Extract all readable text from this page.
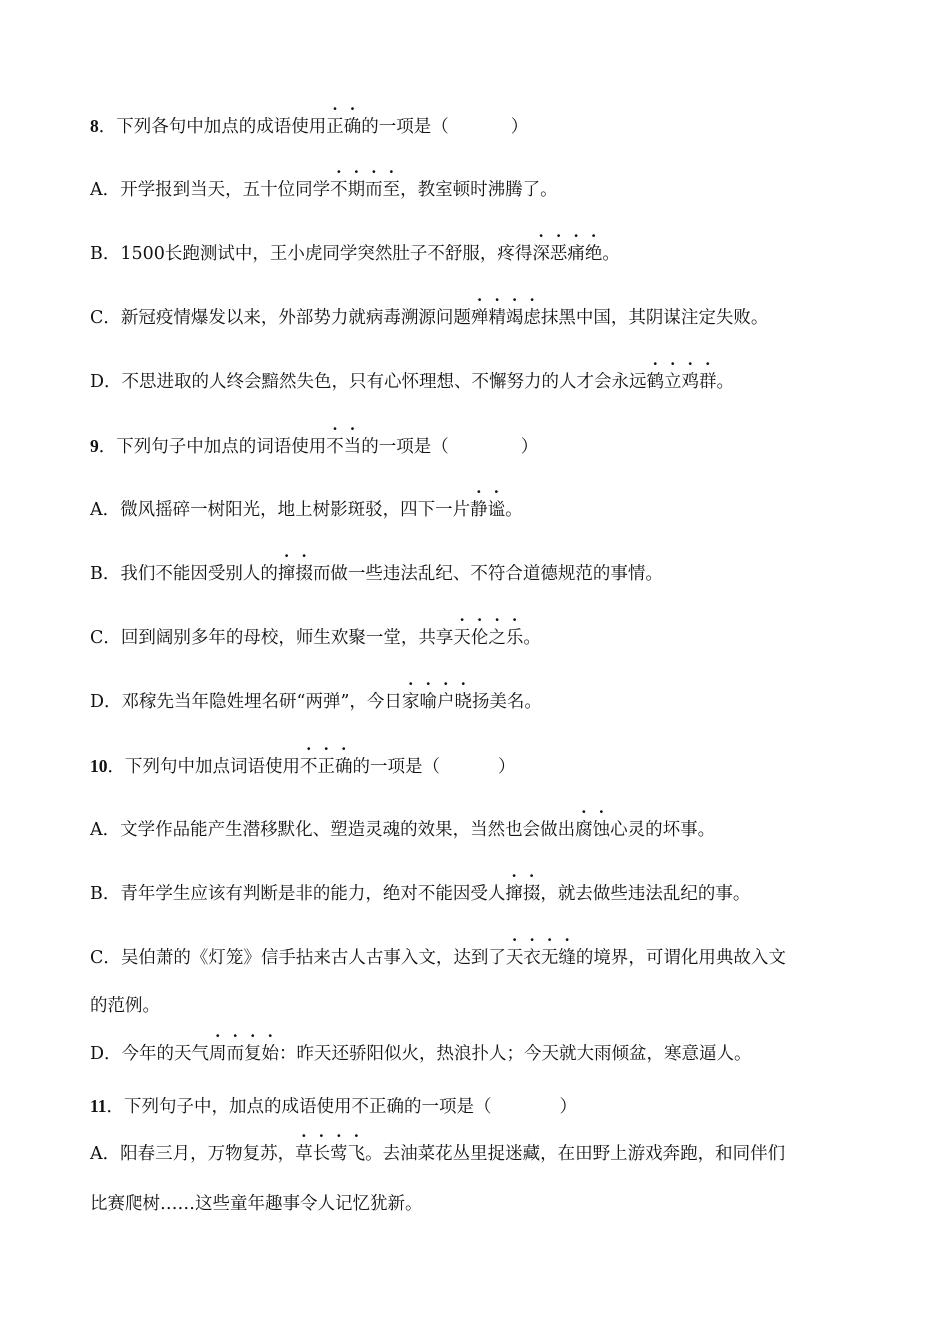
8．下列各句中加点的成语使用正确的一项是（	）
A．开学报到当天，五十位同学不期而至，教室顿时沸腾了。
B．1500长跑测试中，王小虎同学突然肚子不舒服，疼得深恶痛绝。
C．新冠疫情爆发以来，外部势力就病毒溯源问题殚精竭虑抹黑中国，其阴谋注定失败。
D．不思进取的人终会黯然失色，只有心怀理想、不懈努力的人才会永远鹤立鸡群。
9．下列句子中加点的词语使用不当的一项是（	）
A．微风摇碎一树阳光，地上树影斑驳，四下一片静谧。
B．我们不能因受别人的撺掇而做一些违法乱纪、不符合道德规范的事情。
C．回到阔别多年的母校，师生欢聚一堂，共享天伦之乐。
D．邓稼先当年隐姓埋名研“两弹”，今日家喻户晓扬美名。
10．下列句中加点词语使用不正确的一项是（	）
A．文学作品能产生潜移默化、塑造灵魂的效果，当然也会做出腐蚀心灵的坏事。
B．青年学生应该有判断是非的能力，绝对不能因受人撺掇，就去做些违法乱纪的事。
C．吴伯萧的《灯笼》信手拈来古人古事入文，达到了天衣无缝的境界，可谓化用典故入文
的范例。
D．今年的天气周而复始：昨天还骄阳似火，热浪扑人；今天就大雨倾盆，寒意逼人。
11．下列句子中，加点的成语使用不正确的一项是（	）
A．阳春三月，万物复苏，草长莺飞。去油菜花丛里捉迷藏，在田野上游戏奔跑，和同伴们
比赛爬树……这些童年趣事令人记忆犹新。
